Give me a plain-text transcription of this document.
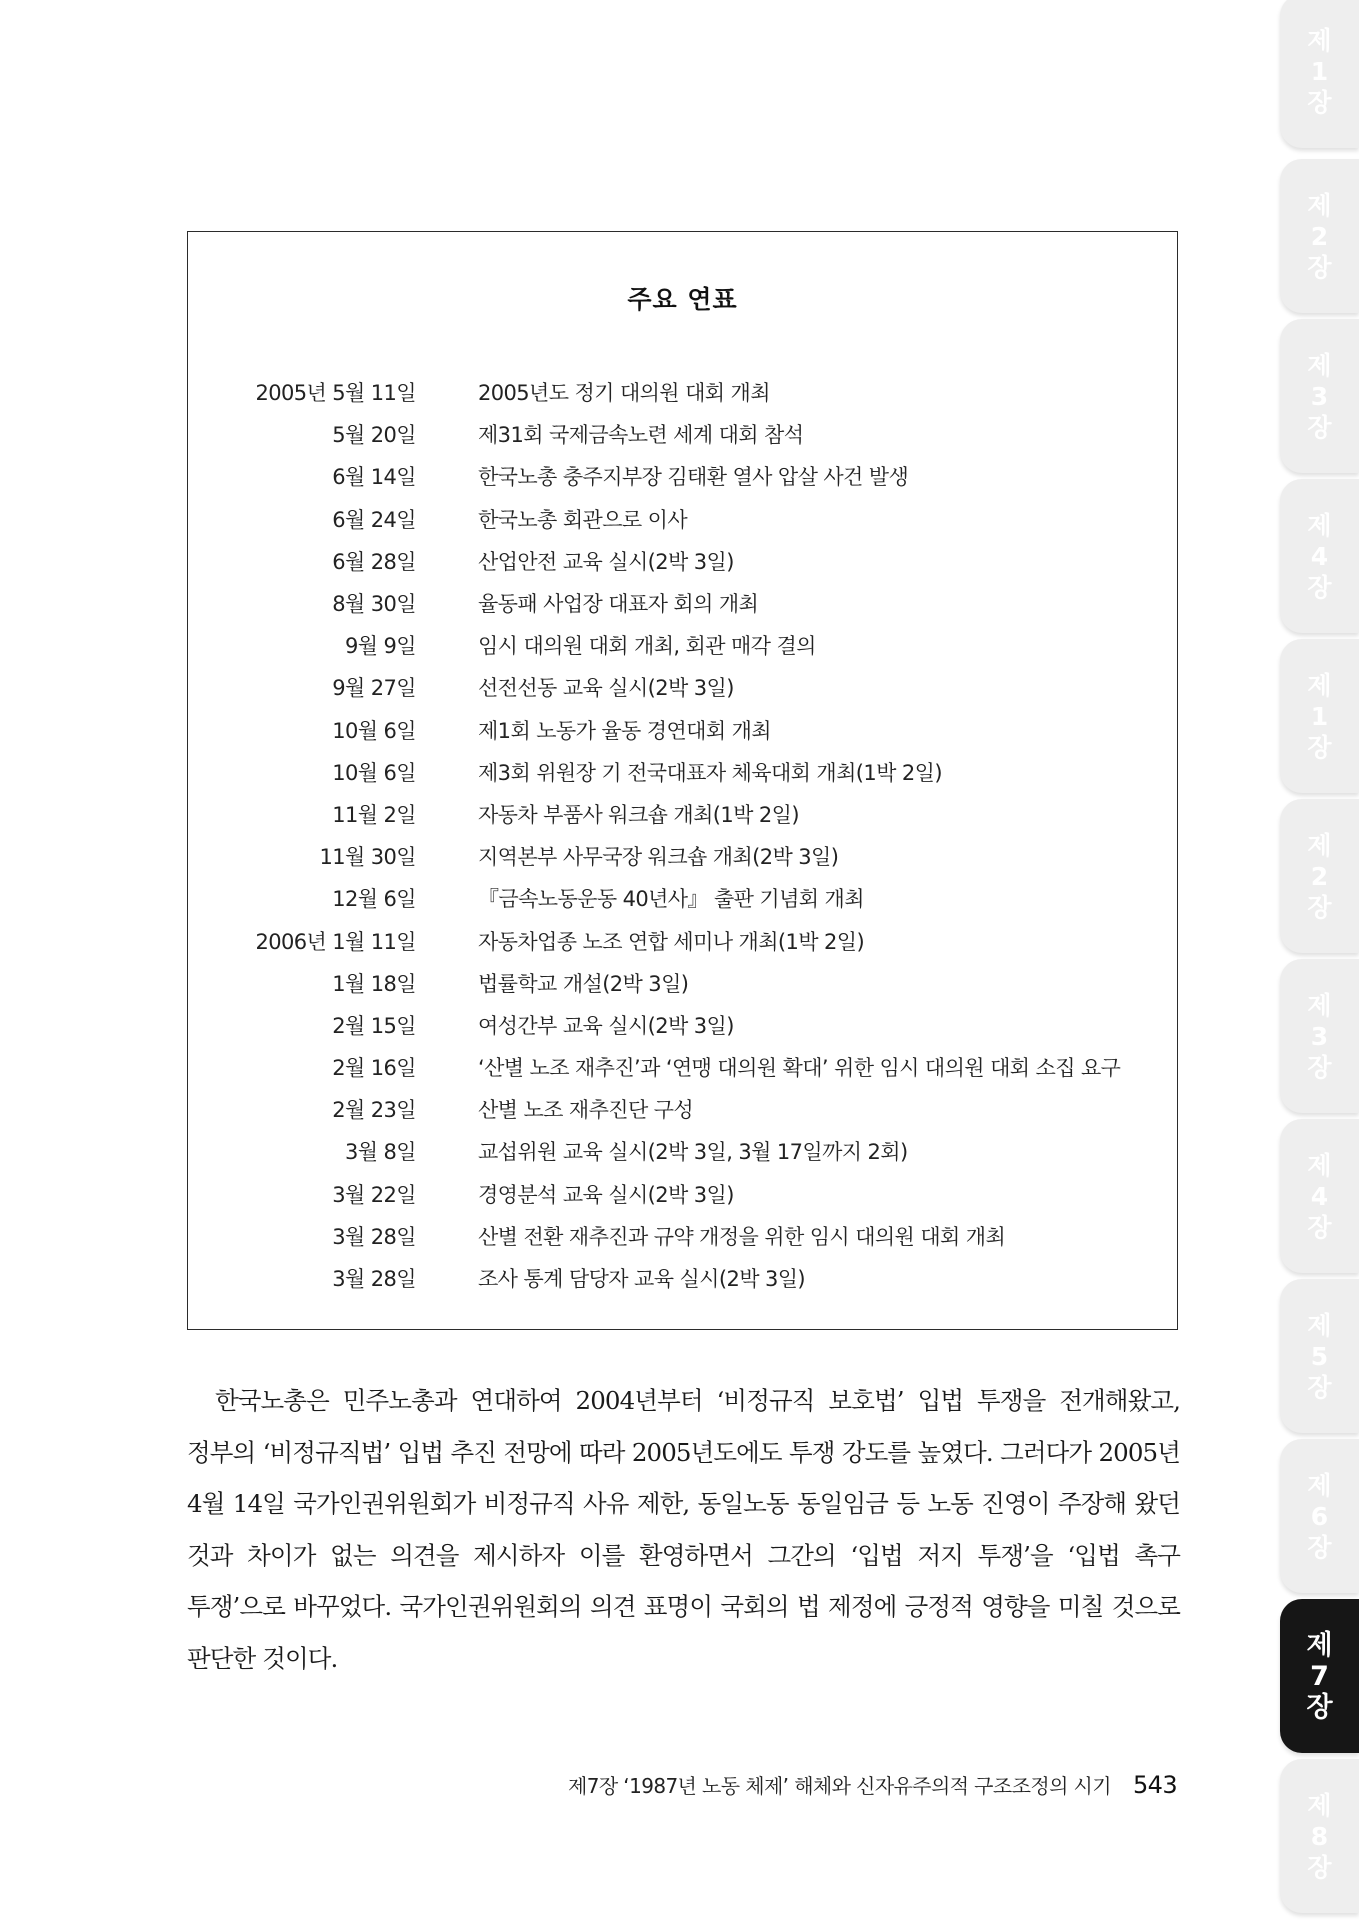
주요 연표
2005년 5월 11일	2005년도 정기 대의원 대회 개최
5월 20일	제31회 국제금속노련 세계 대회 참석
6월 14일	한국노총 충주지부장 김태환 열사 압살 사건 발생
6월 24일	한국노총 회관으로 이사
6월 28일	산업안전 교육 실시(2박 3일)
8월 30일	율동패 사업장 대표자 회의 개최
9월 9일	임시 대의원 대회 개최, 회관 매각 결의
9월 27일	선전선동 교육 실시(2박 3일)
10월 6일	제1회 노동가 율동 경연대회 개최
10월 6일	제3회 위원장 기 전국대표자 체육대회 개최(1박 2일)
11월 2일	자동차 부품사 워크숍 개최(1박 2일)
11월 30일	지역본부 사무국장 워크숍 개최(2박 3일)
12월 6일	『금속노동운동 40년사』 출판 기념회 개최
2006년 1월 11일	자동차업종 노조 연합 세미나 개최(1박 2일)
1월 18일	법률학교 개설(2박 3일)
2월 15일	여성간부 교육 실시(2박 3일)
2월 16일	‘산별 노조 재추진’과 ‘연맹 대의원 확대’ 위한 임시 대의원 대회 소집 요구
2월 23일	산별 노조 재추진단 구성
3월 8일	교섭위원 교육 실시(2박 3일, 3월 17일까지 2회)
3월 22일	경영분석 교육 실시(2박 3일)
3월 28일	산별 전환 재추진과 규약 개정을 위한 임시 대의원 대회 개최
3월 28일	조사 통계 담당자 교육 실시(2박 3일)

한국노총은 민주노총과 연대하여 2004년부터 ‘비정규직 보호법’ 입법 투쟁을 전개해왔고, 정부의 ‘비정규직법’ 입법 추진 전망에 따라 2005년도에도 투쟁 강도를 높였다. 그러다가 2005년 4월 14일 국가인권위원회가 비정규직 사유 제한, 동일노동 동일임금 등 노동 진영이 주장해 왔던 것과 차이가 없는 의견을 제시하자 이를 환영하면서 그간의 ‘입법 저지 투쟁’을 ‘입법 촉구 투쟁’으로 바꾸었다. 국가인권위원회의 의견 표명이 국회의 법 제정에 긍정적 영향을 미칠 것으로 판단한 것이다.

제7장 ‘1987년 노동 체제’ 해체와 신자유주의적 구조조정의 시기 543
제
1
장
제
2
장
제
3
장
제
4
장
제
1
장
제
2
장
제
3
장
제
4
장
제
5
장
제
6
장
제
7
장
제
8
장
